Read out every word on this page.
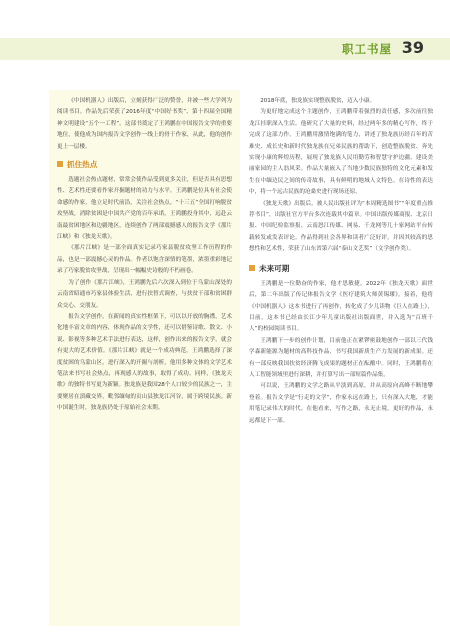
职工书屋 39

《中国机器人》出版后，立刻获得广泛的赞誉，并被一些大学列为阅读书目。作品先后荣获了2016年度“中国好书奖”、第十四届全国精神文明建设“五个一工程”。这部书奠定了王鸿鹏在中国报告文学的重要地位，使他成为国内报告文学创作一线上的骨干作家，从此，他的创作更上一层楼。

抓住热点

选题社会热点题材，常常会使作品受到更多关注，但是否具有思想性、艺术性还要看作家开掘题材的功力与水平。王鸿鹏是位具有社会使命感的作家，他立足时代前沿，关注社会热点。“十三五”全国打响脱贫攻坚战，消除贫困是中国共产党的百年承诺。王鸿鹏投身其中，远赴云南最贫困地区和边疆地区，连续创作了两部震撼感人的报告文学《那片江峡》和《独龙天歌》。

《那片江峡》是一部全面真实记录巧家县脱贫攻坚工作历程的作品，也是一部震撼心灵的作品。作者以饱含深情的笔墨，浓墨重彩地记录了巧家脱贫攻坚战，呈现出一幅幅史诗般的不朽画卷。

为了创作《那片江峡》，王鸿鹏先后六次深入到位于乌蒙山深处的云南省昭通市巧家县体验生活，进行扶智式调查，与扶贫干部和贫困群众交心、交朋友。

报告文学创作，在新闻的真实性框架下，可以以开放的胸襟，艺术化地丰富文章的内容，体现作品的文学性，还可以借鉴诗歌、散文、小说、影视等多种艺术手法进行表达，这样，创作出来的报告文学，就会有更大的艺术价值。《那片江峡》就是一个成功典范。王鸿鹏选择了深度贫困的乌蒙山区，进行深入的开掘与剖析，他用多种文体的文学艺术笔法来书写社会热点，再现感人的故事，取得了成功。同样，《独龙天歌》的独特书写更为新颖。独龙族是我国28个人口较少的民族之一，主要聚居在滇藏交界，毗邻缅甸的贡山县独龙江河谷，属于跨境民族。新中国诞生时，独龙族仍处于原始社会末期。

2018年底，独龙族实现整族脱贫，迈入小康。

为更好地完成这个主题创作，王鸿鹏带着强烈的责任感，多次前往独龙江挂职深入生活。他研究了大量的史料，经过两年多的精心写作，终于完成了这部力作。王鸿鹏用激情饱满的笔力，讲述了独龙族历经百年的苦难史、成长史和新时代独龙族在兄弟民族的帮助下，创造整族脱贫、奔先实现小康的辉煌历程，展现了独龙族人民用勤劳和智慧守护边疆、建设美丽家园的主人翁风采。作品大量嵌入了当地少数民族独特的文化元素和发生在中缅边民之间的传奇故事，具有鲜明的地域人文特色。在诗性的表达中，将一个远古民族的沧桑史进行现场还原。

《独龙天歌》出版后，被人民出版社评为“本周精选图书”“年度重点推荐书目”，出版社官方平台多次连载其中篇章。中国出版传媒商报、北京日报、中国纪检监察报、云南怒江传媒、网易、千龙网等几十家网站平台转载转发或发表评论。作品得到社会各界和读者广泛好评，并因其较高的思想性和艺术性，荣获了山东省第六届“泰山文艺奖”（文学创作类）。

未来可期

王鸿鹏是一位勤奋的作家，他才思敏捷。2022年《独龙天歌》面世后，第二年出版了传记体报告文学《医疗建筑大师黄锡璆》。接着，他将《中国机器人》这本书进行了再创作，转化成了少儿读物《巨人在路上》，目前，这本书已经由长江少年儿童出版社出版面世，并入选为“百班千人”的校园阅读书目。

王鸿鹏下一步的创作计划，目前他正在紧锣密鼓地创作一部以三代钱学森新能源为题材的高科技作品，书写我国新质生产力发展的新成果。还有一部反映我国扶贫经济腾飞成果的题材正在酝酿中。同时，王鸿鹏将在人工智能领域里进行深耕，并打算写出一部短篇作品集。

可以说，王鸿鹏的文学之路从平淡到高原，并从高原向高峰不断地攀登着。报告文学是“行走的文学”，作家永远在路上，只有深入大地，才能用笔记录伟大的时代。在他看来，写作之路，永无止境，更好的作品，永远都是下一部。
